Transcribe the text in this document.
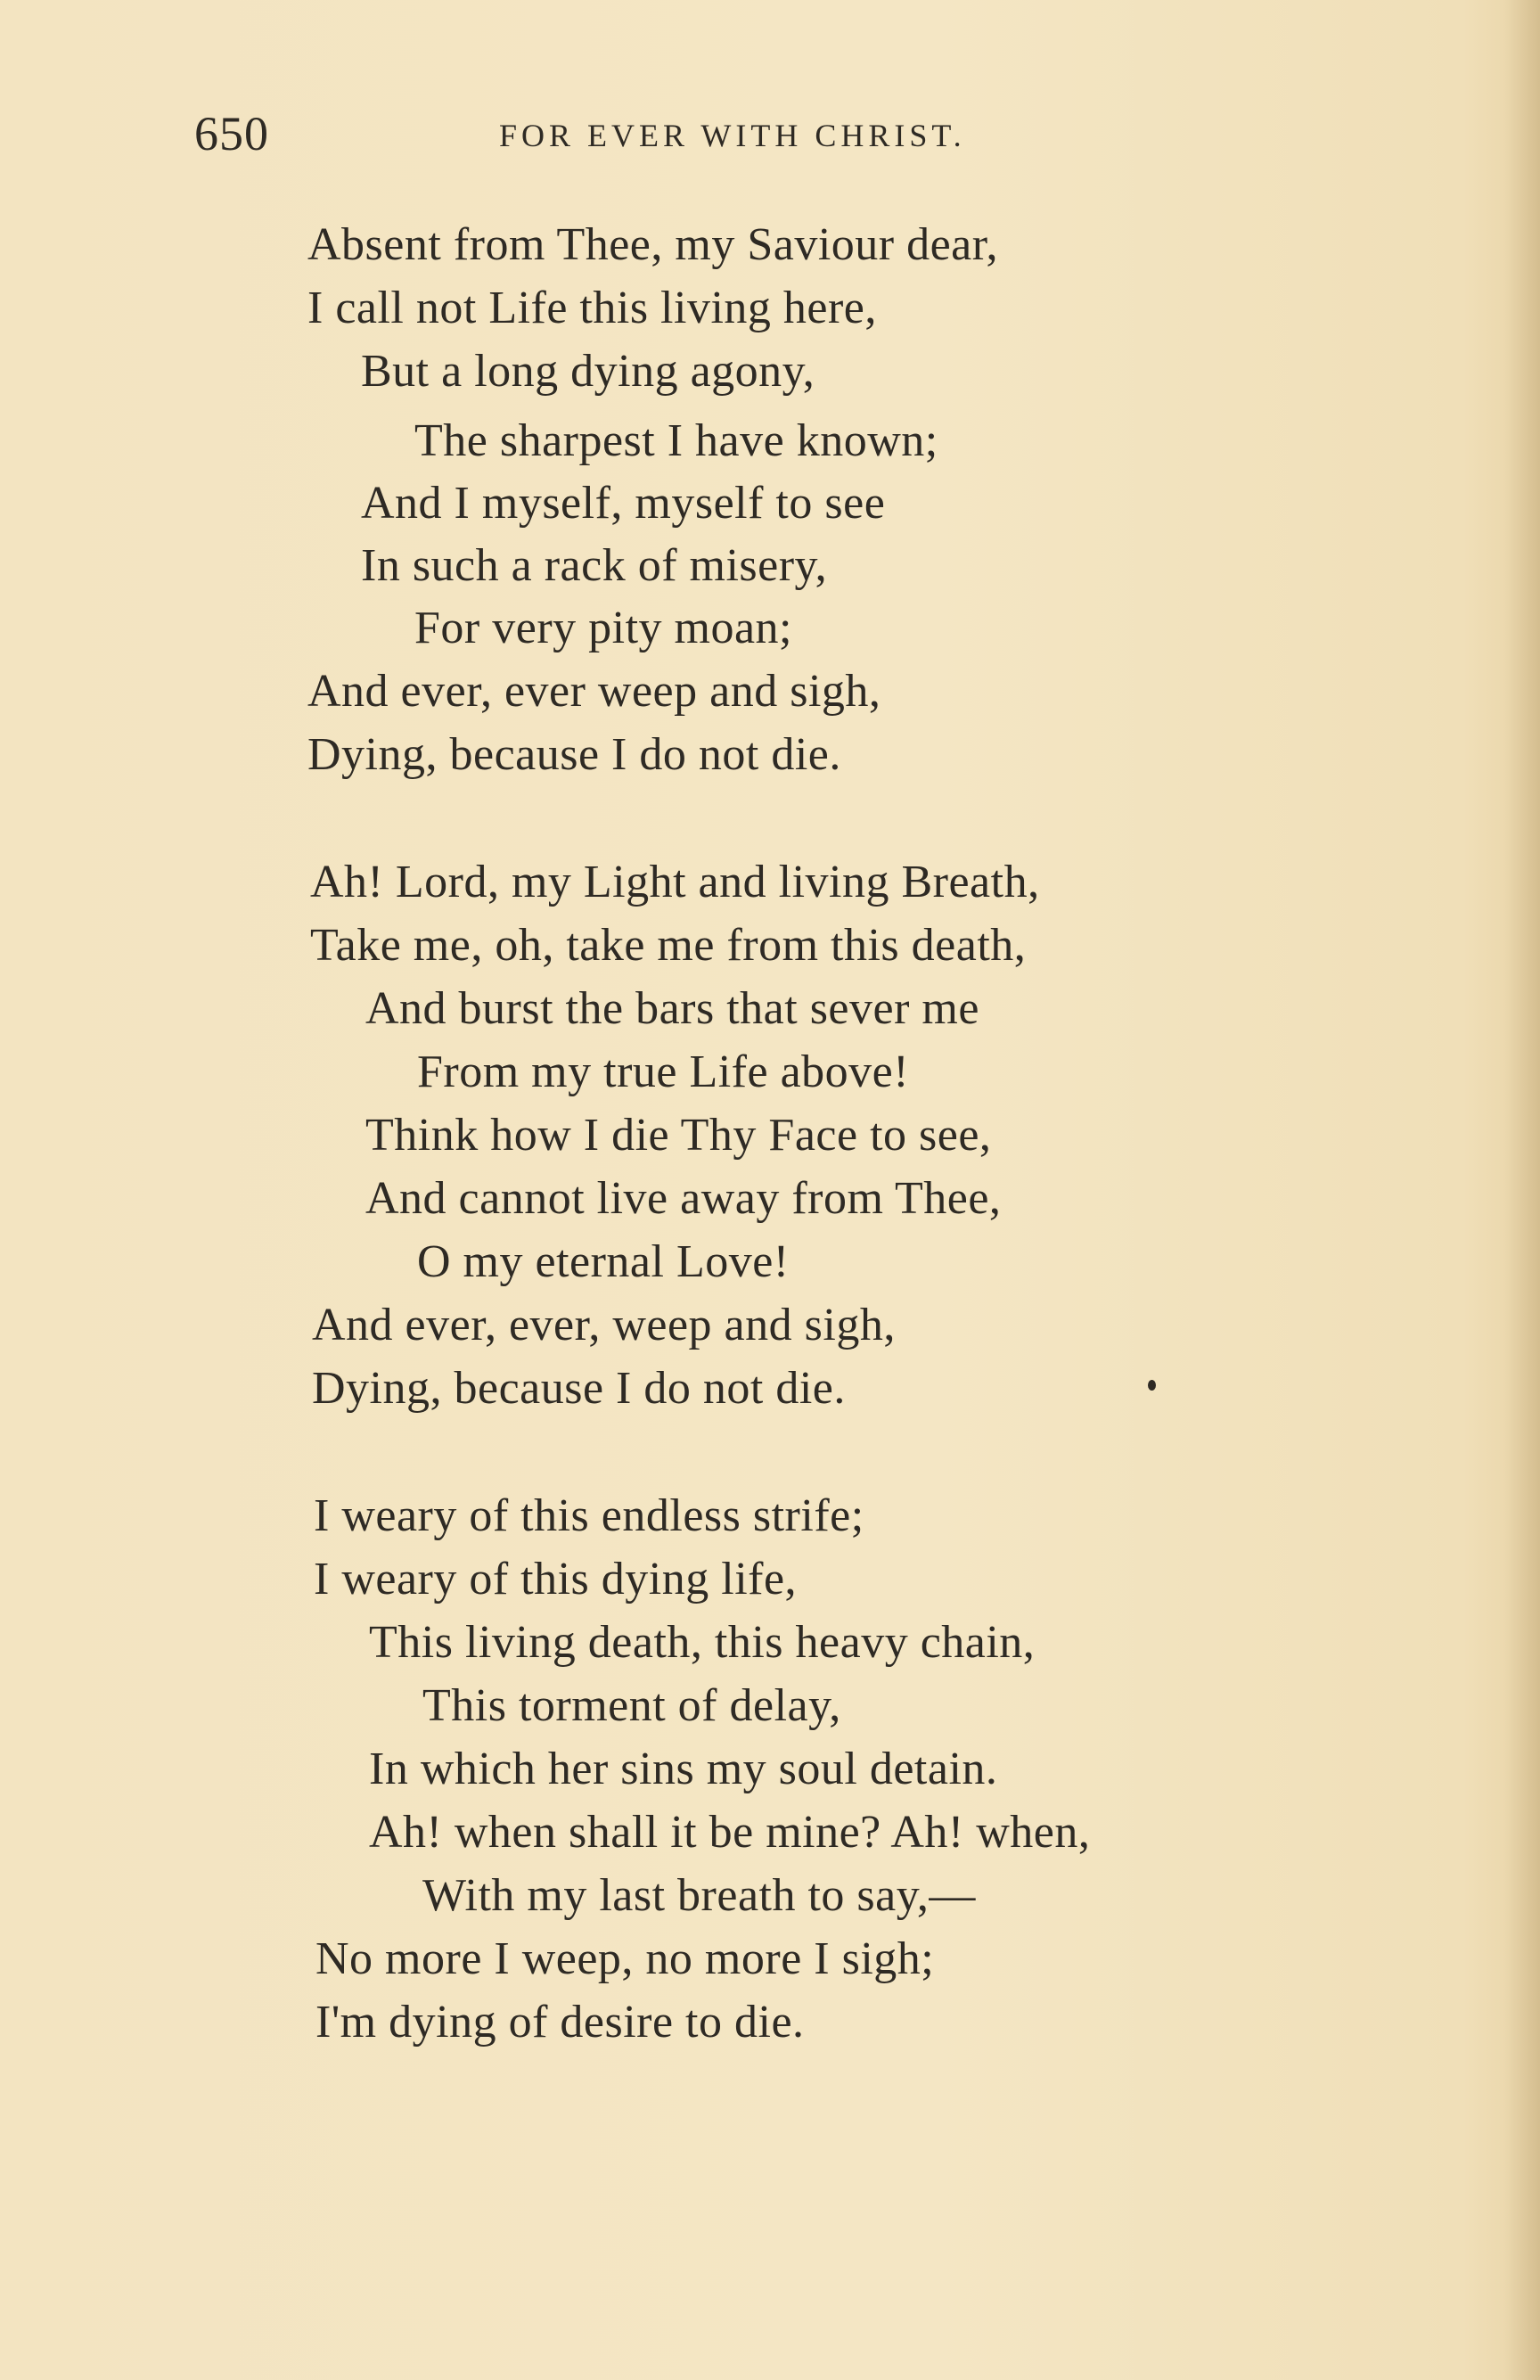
650	FOR EVER WITH CHRIST.
Absent from Thee, my Saviour dear,
I call not Life this living here,
But a long dying agony,
The sharpest I have known;
And I myself, myself to see
In such a rack of misery,
For very pity moan;
And ever, ever weep and sigh,
Dying, because I do not die.
Ah! Lord, my Light and living Breath,
Take me, oh, take me from this death,
And burst the bars that sever me
From my true Life above!
Think how I die Thy Face to see,
And cannot live away from Thee,
O my eternal Love!
And ever, ever, weep and sigh,
Dying, because I do not die.
I weary of this endless strife;
I weary of this dying life,
This living death, this heavy chain,
This torment of delay,
In which her sins my soul detain.
Ah! when shall it be mine? Ah! when,
With my last breath to say,—
No more I weep, no more I sigh;
I'm dying of desire to die.
